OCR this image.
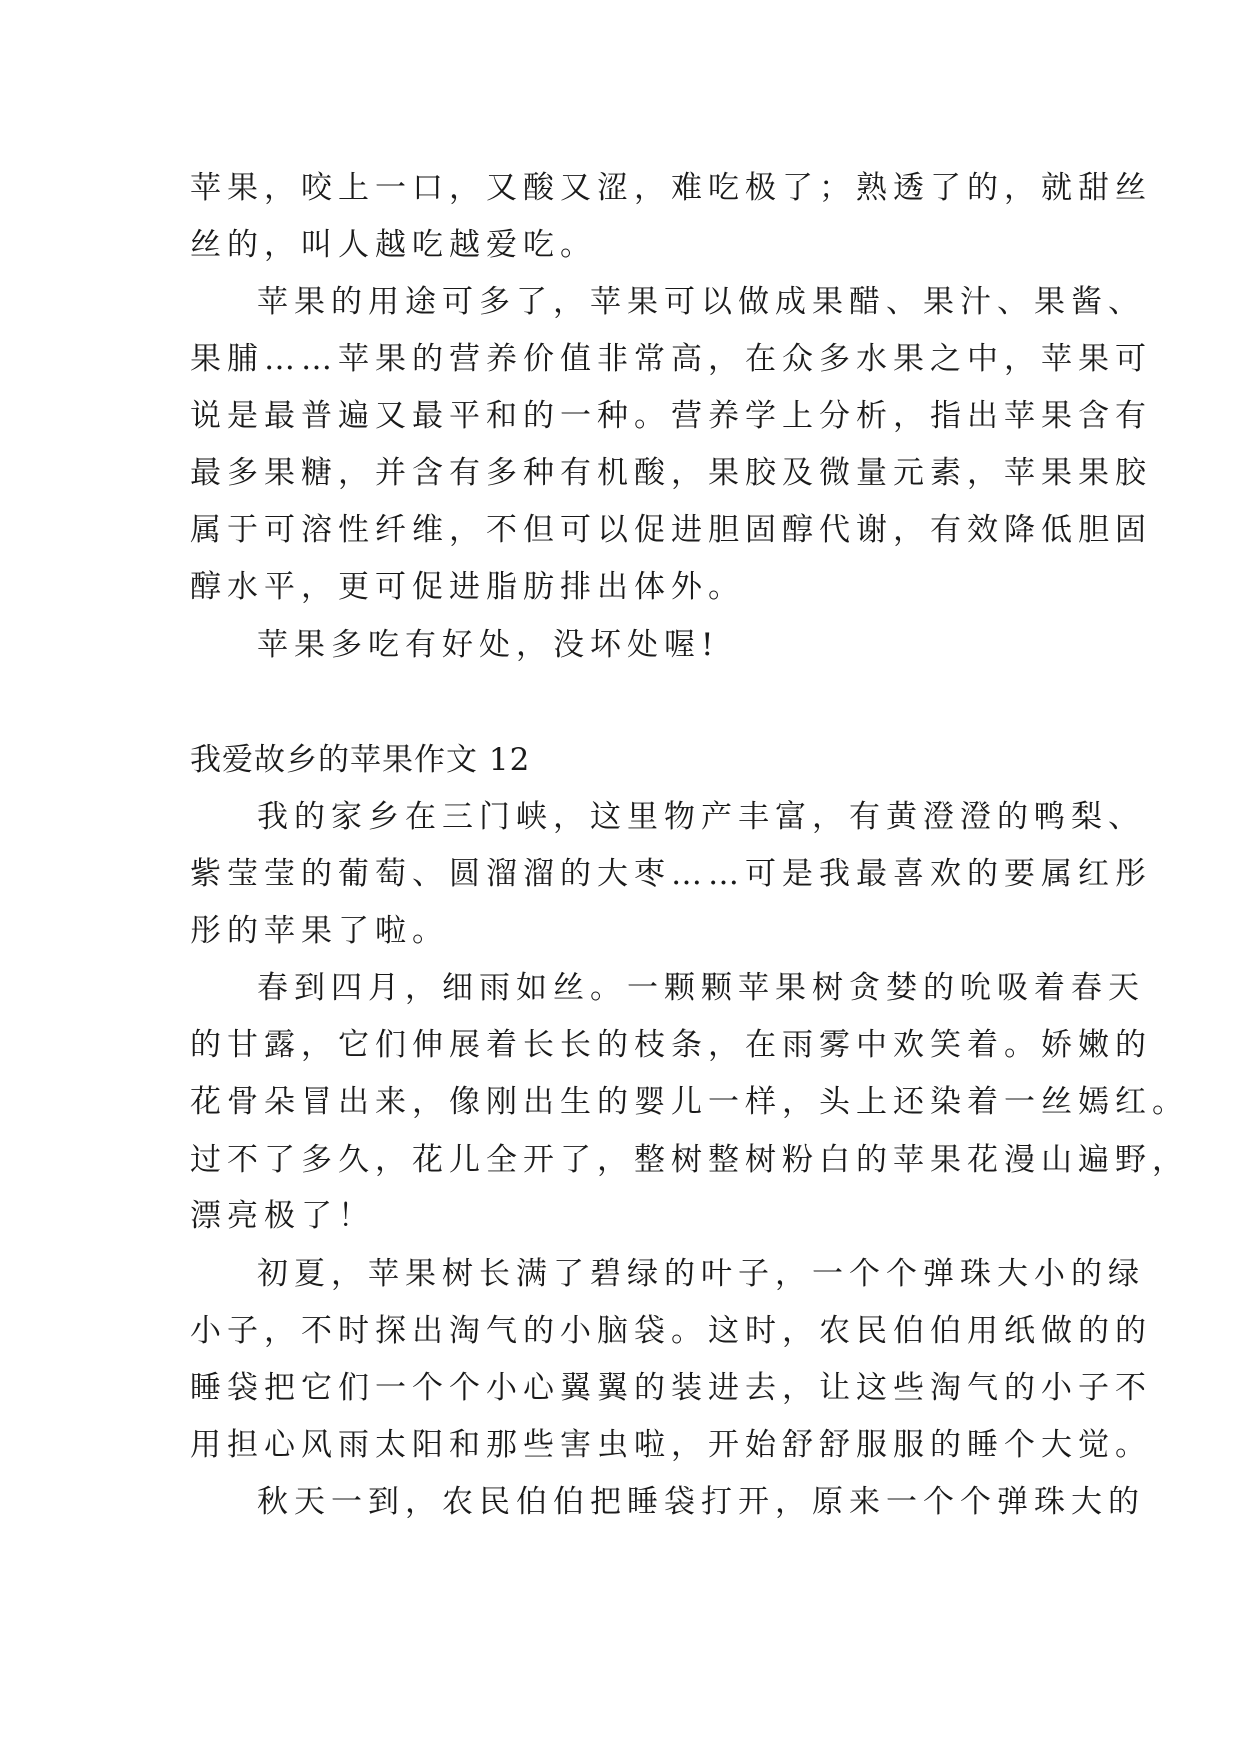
苹果，咬上一口，又酸又涩，难吃极了；熟透了的，就甜丝
丝的，叫人越吃越爱吃。
苹果的用途可多了，苹果可以做成果醋、果汁、果酱、
果脯……苹果的营养价值非常高，在众多水果之中，苹果可
说是最普遍又最平和的一种。营养学上分析，指出苹果含有
最多果糖，并含有多种有机酸，果胶及微量元素，苹果果胶
属于可溶性纤维，不但可以促进胆固醇代谢，有效降低胆固
醇水平，更可促进脂肪排出体外。
苹果多吃有好处，没坏处喔!
我爱故乡的苹果作文 12
我的家乡在三门峡，这里物产丰富，有黄澄澄的鸭梨、
紫莹莹的葡萄、圆溜溜的大枣……可是我最喜欢的要属红彤
彤的苹果了啦。
春到四月，细雨如丝。一颗颗苹果树贪婪的吮吸着春天
的甘露，它们伸展着长长的枝条，在雨雾中欢笑着。娇嫩的
花骨朵冒出来，像刚出生的婴儿一样，头上还染着一丝嫣红。
过不了多久，花儿全开了，整树整树粉白的苹果花漫山遍野，
漂亮极了！
初夏，苹果树长满了碧绿的叶子，一个个弹珠大小的绿
小子，不时探出淘气的小脑袋。这时，农民伯伯用纸做的的
睡袋把它们一个个小心翼翼的装进去，让这些淘气的小子不
用担心风雨太阳和那些害虫啦，开始舒舒服服的睡个大觉。
秋天一到，农民伯伯把睡袋打开，原来一个个弹珠大的
